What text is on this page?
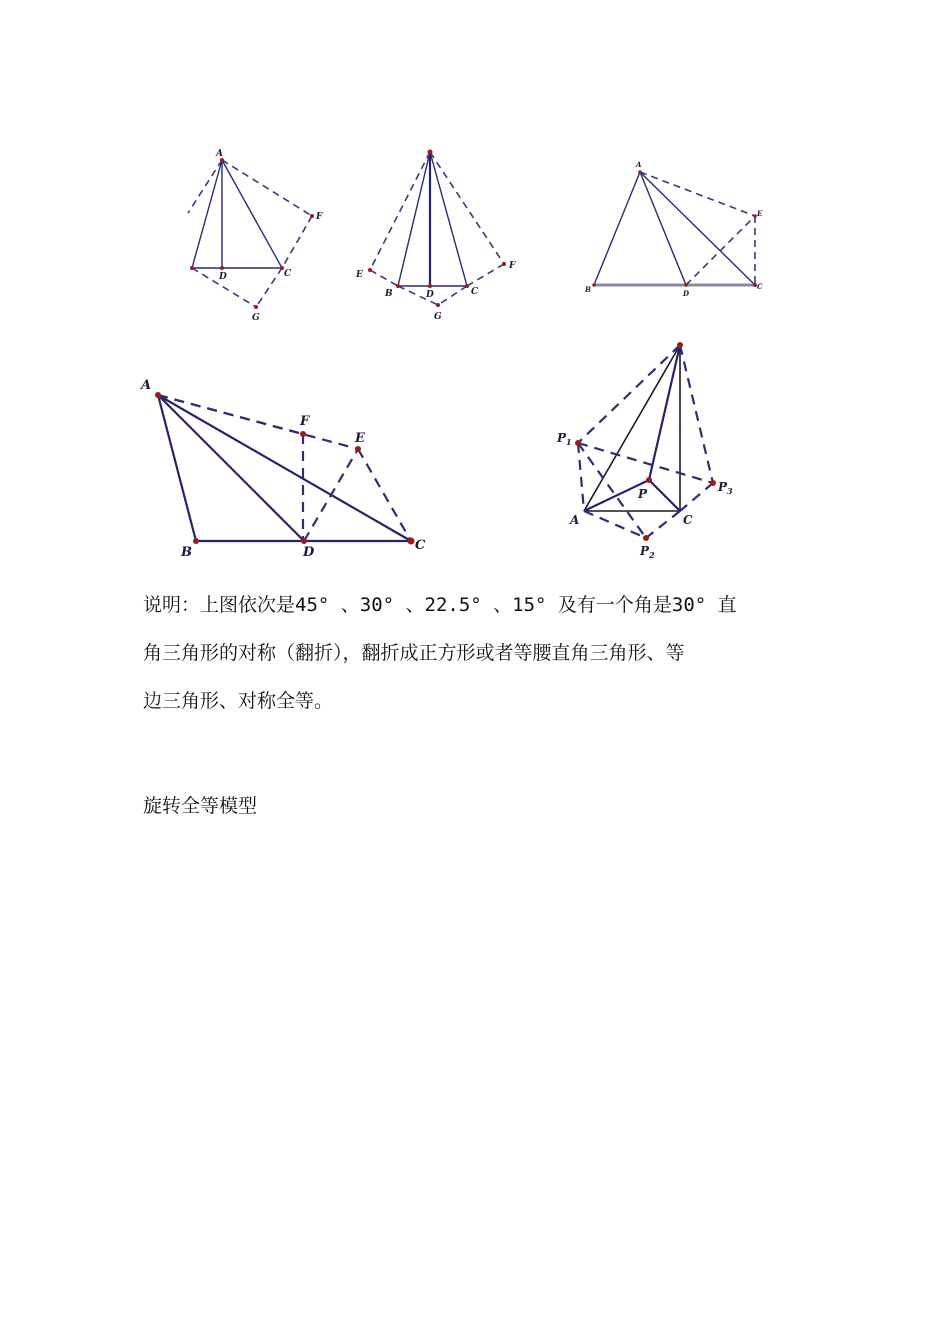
A
D	C
F
G
E
B	D	C
F
G
A
B	D
C
E
A
B	D	C
F
E
A	C
P
$P_1$
$P_2$
$P_3$
说明：上图依次是45° 、30° 、22.5° 、15° 及有一个角是30° 直
角三角形的对称（翻折），翻折成正方形或者等腰直角三角形、等
边三角形、对称全等。
旋转全等模型
